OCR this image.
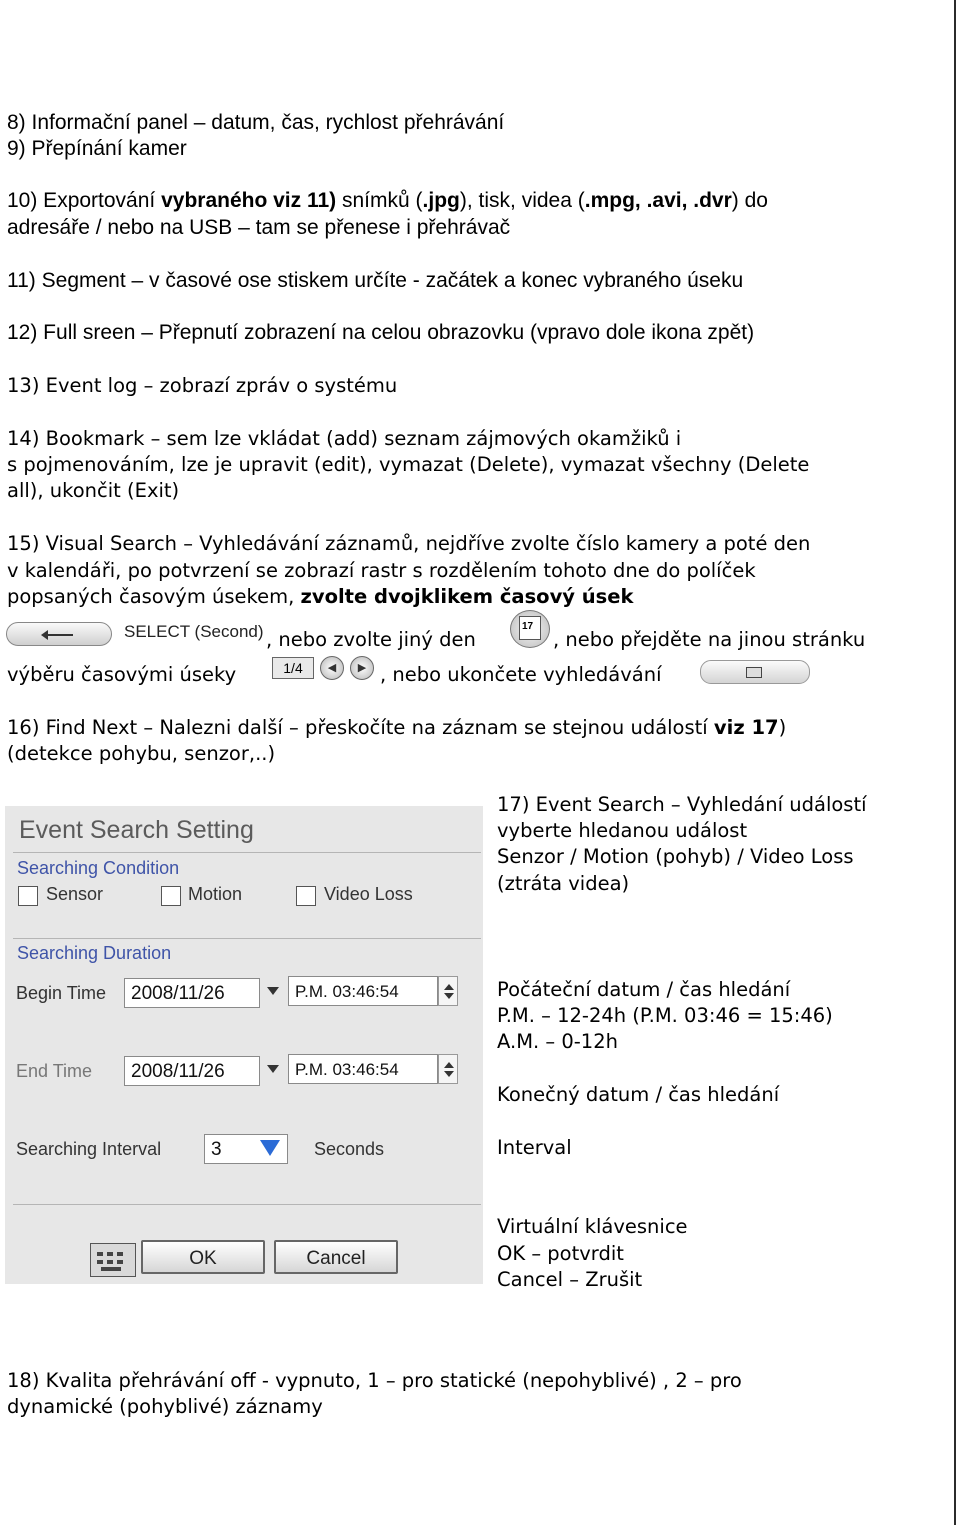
8) Informační panel – datum, čas, rychlost přehrávání
9) Přepínání kamer
10) Exportování vybraného viz 11) snímků (.jpg), tisk, videa (.mpg, .avi, .dvr) do
adresáře / nebo na USB – tam se přenese i přehrávač
11) Segment – v časové ose stiskem určíte - začátek a konec vybraného úseku
12) Full sreen – Přepnutí zobrazení na celou obrazovku (vpravo dole ikona zpět)
13) Event log – zobrazí zpráv o systému
14) Bookmark – sem lze vkládat (add) seznam zájmových okamžiků i
s pojmenováním, lze je upravit (edit), vymazat (Delete), vymazat všechny (Delete
all), ukončit (Exit)
15) Visual Search – Vyhledávání záznamů, nejdříve zvolte číslo kamery a poté den
v kalendáři, po potvrzení se zobrazí rastr s rozdělením tohoto dne do políček
popsaných časovým úsekem, zvolte dvojklikem časový úsek
SELECT (Second) , nebo zvolte jiný den
17
, nebo přejděte na jinou stránku
výběru časovými úseky	1/4	◀	▶ , nebo ukončete vyhledávání
16) Find Next – Nalezni další – přeskočíte na záznam se stejnou událostí viz 17)
(detekce pohybu, senzor,..)
Event Search Setting
Searching Condition
Sensor	Motion	Video Loss
Searching Duration
Begin Time	2008/11/26	P.M. 03:46:54
End Time	2008/11/26	P.M. 03:46:54
Searching Interval	3	Seconds
OK	Cancel
17) Event Search – Vyhledání událostí
vyberte hledanou událost
Senzor / Motion (pohyb) / Video Loss
(ztráta videa)
Počáteční datum / čas hledání
P.M. – 12-24h (P.M. 03:46 = 15:46)
A.M. – 0-12h
Konečný datum / čas hledání
Interval
Virtuální klávesnice
OK – potvrdit
Cancel – Zrušit
18) Kvalita přehrávání off - vypnuto, 1 – pro statické (nepohyblivé) , 2 – pro
dynamické (pohyblivé) záznamy
